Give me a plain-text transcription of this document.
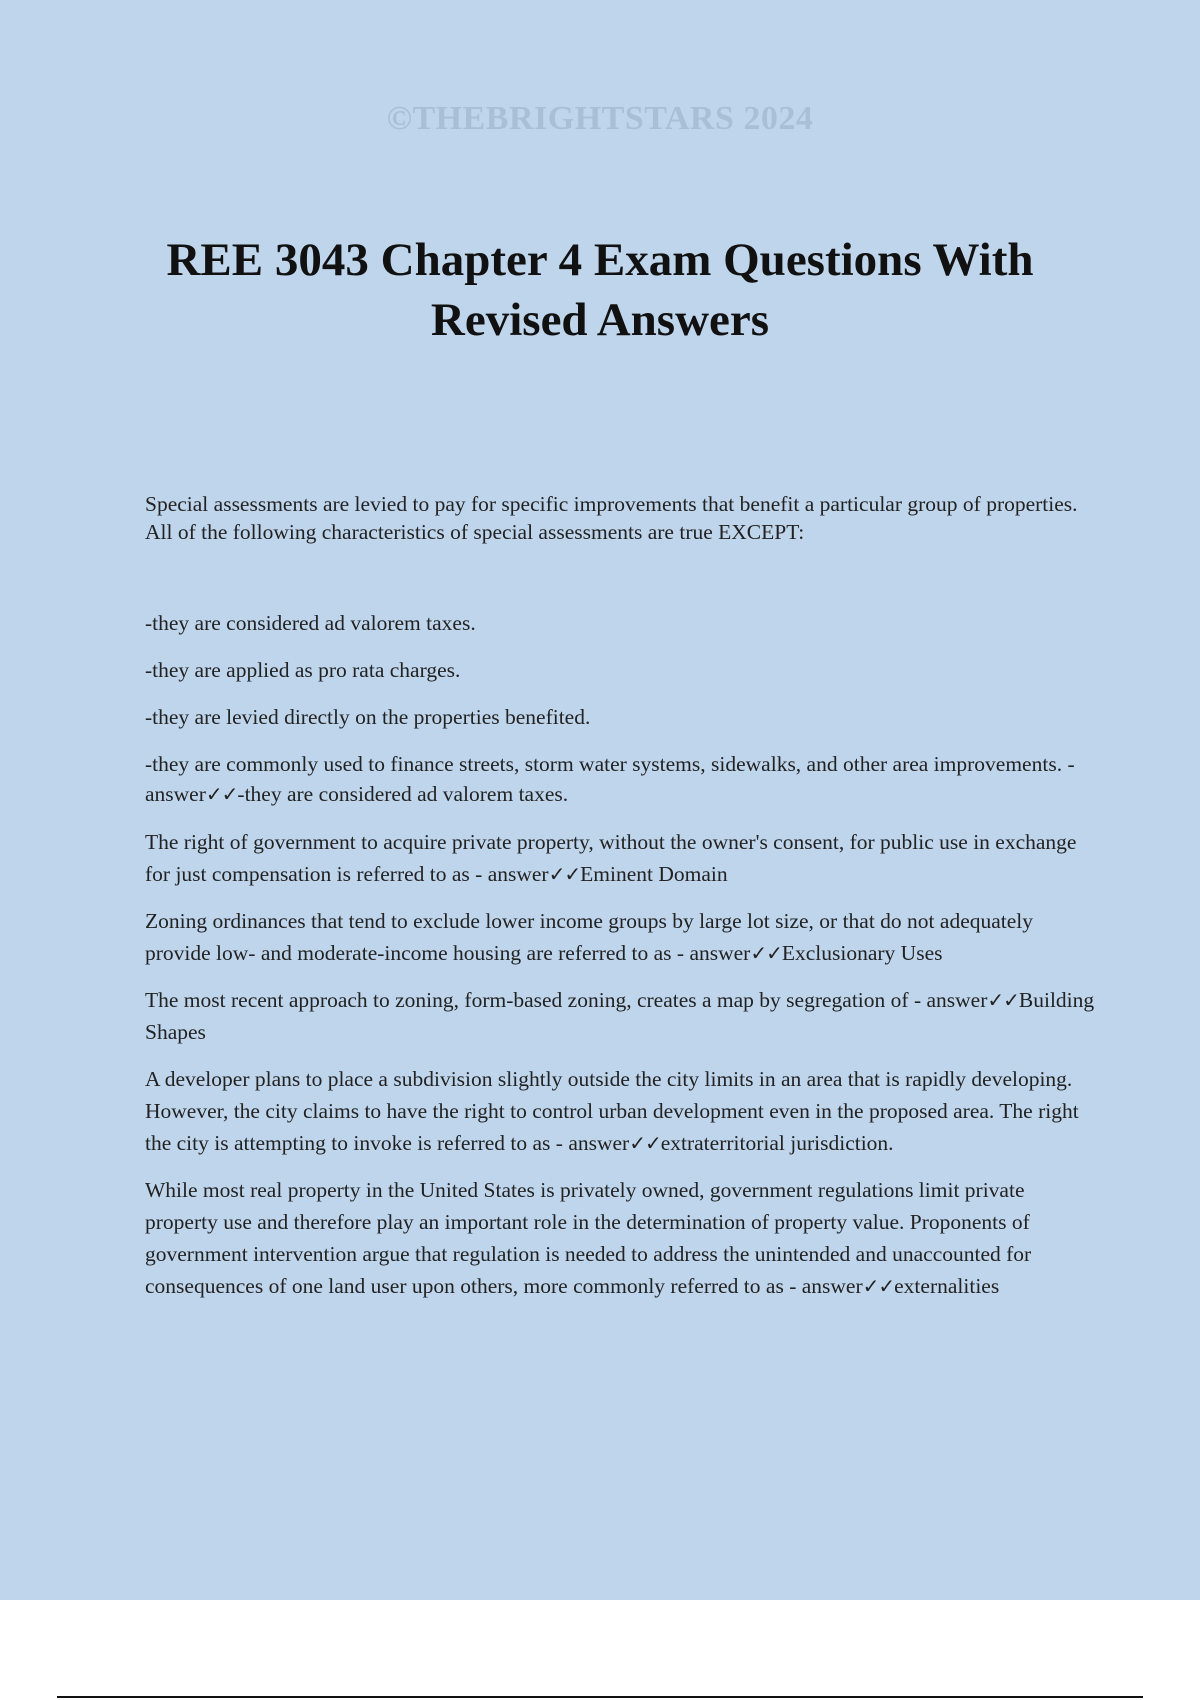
©THEBRIGHTSTARS 2024
REE 3043 Chapter 4 Exam Questions With Revised Answers

Special assessments are levied to pay for specific improvements that benefit a particular group of properties. All of the following characteristics of special assessments are true EXCEPT:

-they are considered ad valorem taxes.

-they are applied as pro rata charges.

-they are levied directly on the properties benefited.

-they are commonly used to finance streets, storm water systems, sidewalks, and other area improvements. - answer✓✓-they are considered ad valorem taxes.

The right of government to acquire private property, without the owner's consent, for public use in exchange for just compensation is referred to as - answer✓✓Eminent Domain

Zoning ordinances that tend to exclude lower income groups by large lot size, or that do not adequately provide low- and moderate-income housing are referred to as - answer✓✓Exclusionary Uses

The most recent approach to zoning, form-based zoning, creates a map by segregation of - answer✓✓Building Shapes

A developer plans to place a subdivision slightly outside the city limits in an area that is rapidly developing. However, the city claims to have the right to control urban development even in the proposed area. The right the city is attempting to invoke is referred to as - answer✓✓extraterritorial jurisdiction.

While most real property in the United States is privately owned, government regulations limit private property use and therefore play an important role in the determination of property value. Proponents of government intervention argue that regulation is needed to address the unintended and unaccounted for consequences of one land user upon others, more commonly referred to as - answer✓✓externalities
